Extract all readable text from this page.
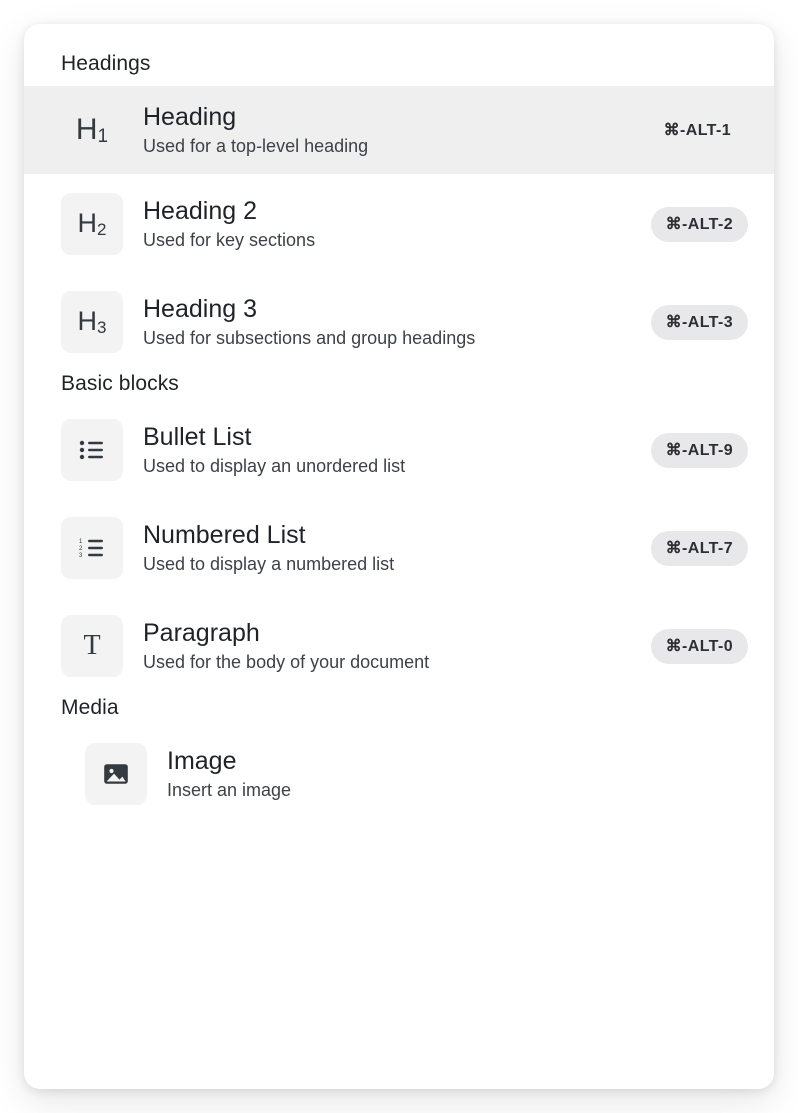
Headings
H1
Heading
Used for a top-level heading
⌘-ALT-1
H2
Heading 2
Used for key sections
⌘-ALT-2
H3
Heading 3
Used for subsections and group headings
⌘-ALT-3
Basic blocks
Bullet List
Used to display an unordered list
⌘-ALT-9
1
2
3
Numbered List
Used to display a numbered list
⌘-ALT-7
T Paragraph
Used for the body of your document
⌘-ALT-0
Media
Image
Insert an image
